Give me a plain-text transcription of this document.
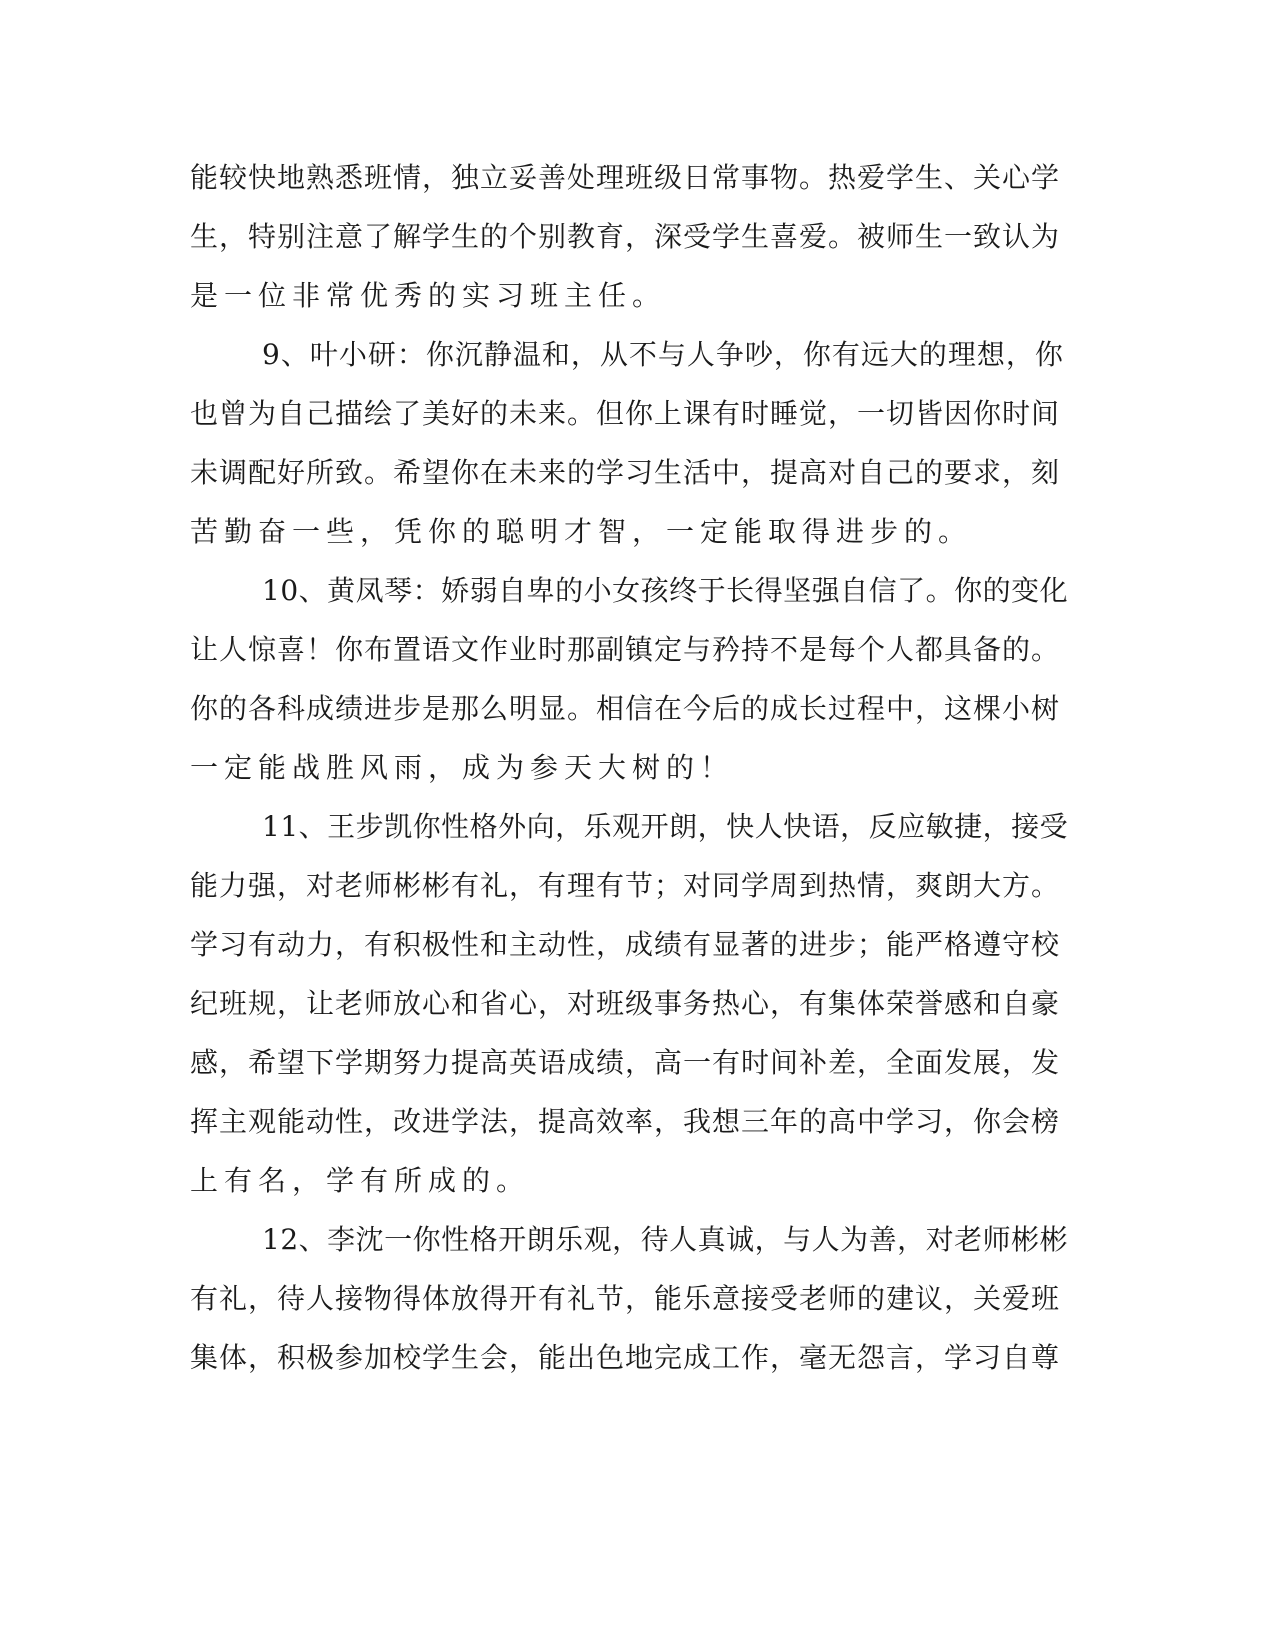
能较快地熟悉班情，独立妥善处理班级日常事物。热爱学生、关心学
生，特别注意了解学生的个别教育，深受学生喜爱。被师生一致认为
是一位非常优秀的实习班主任。
9、叶小研：你沉静温和，从不与人争吵，你有远大的理想，你
也曾为自己描绘了美好的未来。但你上课有时睡觉，一切皆因你时间
未调配好所致。希望你在未来的学习生活中，提高对自己的要求，刻
苦勤奋一些，凭你的聪明才智，一定能取得进步的。
10、黄凤琴：娇弱自卑的小女孩终于长得坚强自信了。你的变化
让人惊喜！你布置语文作业时那副镇定与矜持不是每个人都具备的。
你的各科成绩进步是那么明显。相信在今后的成长过程中，这棵小树
一定能战胜风雨，成为参天大树的！
11、王步凯你性格外向，乐观开朗，快人快语，反应敏捷，接受
能力强，对老师彬彬有礼，有理有节；对同学周到热情，爽朗大方。
学习有动力，有积极性和主动性，成绩有显著的进步；能严格遵守校
纪班规，让老师放心和省心，对班级事务热心，有集体荣誉感和自豪
感，希望下学期努力提高英语成绩，高一有时间补差，全面发展，发
挥主观能动性，改进学法，提高效率，我想三年的高中学习，你会榜
上有名，学有所成的。
12、李沈一你性格开朗乐观，待人真诚，与人为善，对老师彬彬
有礼，待人接物得体放得开有礼节，能乐意接受老师的建议，关爱班
集体，积极参加校学生会，能出色地完成工作，毫无怨言，学习自尊
